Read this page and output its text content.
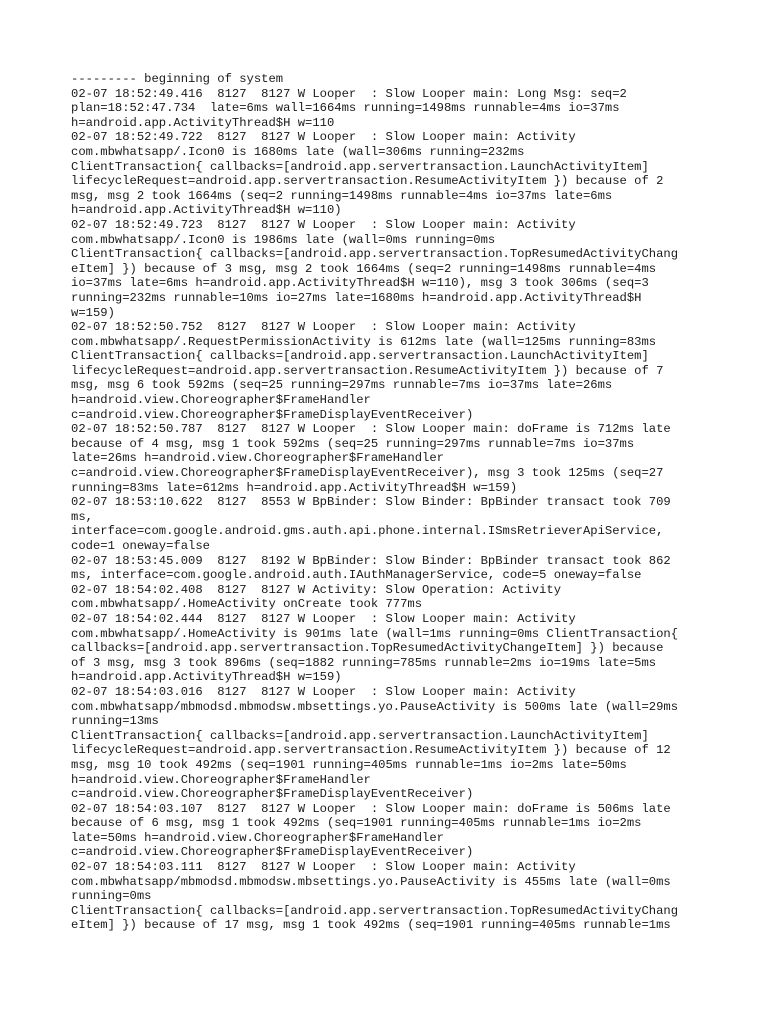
--------- beginning of system
02-07 18:52:49.416  8127  8127 W Looper  : Slow Looper main: Long Msg: seq=2
plan=18:52:47.734  late=6ms wall=1664ms running=1498ms runnable=4ms io=37ms
h=android.app.ActivityThread$H w=110
02-07 18:52:49.722  8127  8127 W Looper  : Slow Looper main: Activity
com.mbwhatsapp/.Icon0 is 1680ms late (wall=306ms running=232ms
ClientTransaction{ callbacks=[android.app.servertransaction.LaunchActivityItem]
lifecycleRequest=android.app.servertransaction.ResumeActivityItem }) because of 2
msg, msg 2 took 1664ms (seq=2 running=1498ms runnable=4ms io=37ms late=6ms
h=android.app.ActivityThread$H w=110)
02-07 18:52:49.723  8127  8127 W Looper  : Slow Looper main: Activity
com.mbwhatsapp/.Icon0 is 1986ms late (wall=0ms running=0ms
ClientTransaction{ callbacks=[android.app.servertransaction.TopResumedActivityChang
eItem] }) because of 3 msg, msg 2 took 1664ms (seq=2 running=1498ms runnable=4ms
io=37ms late=6ms h=android.app.ActivityThread$H w=110), msg 3 took 306ms (seq=3
running=232ms runnable=10ms io=27ms late=1680ms h=android.app.ActivityThread$H
w=159)
02-07 18:52:50.752  8127  8127 W Looper  : Slow Looper main: Activity
com.mbwhatsapp/.RequestPermissionActivity is 612ms late (wall=125ms running=83ms
ClientTransaction{ callbacks=[android.app.servertransaction.LaunchActivityItem]
lifecycleRequest=android.app.servertransaction.ResumeActivityItem }) because of 7
msg, msg 6 took 592ms (seq=25 running=297ms runnable=7ms io=37ms late=26ms
h=android.view.Choreographer$FrameHandler
c=android.view.Choreographer$FrameDisplayEventReceiver)
02-07 18:52:50.787  8127  8127 W Looper  : Slow Looper main: doFrame is 712ms late
because of 4 msg, msg 1 took 592ms (seq=25 running=297ms runnable=7ms io=37ms
late=26ms h=android.view.Choreographer$FrameHandler
c=android.view.Choreographer$FrameDisplayEventReceiver), msg 3 took 125ms (seq=27
running=83ms late=612ms h=android.app.ActivityThread$H w=159)
02-07 18:53:10.622  8127  8553 W BpBinder: Slow Binder: BpBinder transact took 709
ms,
interface=com.google.android.gms.auth.api.phone.internal.ISmsRetrieverApiService,
code=1 oneway=false
02-07 18:53:45.009  8127  8192 W BpBinder: Slow Binder: BpBinder transact took 862
ms, interface=com.google.android.auth.IAuthManagerService, code=5 oneway=false
02-07 18:54:02.408  8127  8127 W Activity: Slow Operation: Activity
com.mbwhatsapp/.HomeActivity onCreate took 777ms
02-07 18:54:02.444  8127  8127 W Looper  : Slow Looper main: Activity
com.mbwhatsapp/.HomeActivity is 901ms late (wall=1ms running=0ms ClientTransaction{
callbacks=[android.app.servertransaction.TopResumedActivityChangeItem] }) because
of 3 msg, msg 3 took 896ms (seq=1882 running=785ms runnable=2ms io=19ms late=5ms
h=android.app.ActivityThread$H w=159)
02-07 18:54:03.016  8127  8127 W Looper  : Slow Looper main: Activity
com.mbwhatsapp/mbmodsd.mbmodsw.mbsettings.yo.PauseActivity is 500ms late (wall=29ms
running=13ms
ClientTransaction{ callbacks=[android.app.servertransaction.LaunchActivityItem]
lifecycleRequest=android.app.servertransaction.ResumeActivityItem }) because of 12
msg, msg 10 took 492ms (seq=1901 running=405ms runnable=1ms io=2ms late=50ms
h=android.view.Choreographer$FrameHandler
c=android.view.Choreographer$FrameDisplayEventReceiver)
02-07 18:54:03.107  8127  8127 W Looper  : Slow Looper main: doFrame is 506ms late
because of 6 msg, msg 1 took 492ms (seq=1901 running=405ms runnable=1ms io=2ms
late=50ms h=android.view.Choreographer$FrameHandler
c=android.view.Choreographer$FrameDisplayEventReceiver)
02-07 18:54:03.111  8127  8127 W Looper  : Slow Looper main: Activity
com.mbwhatsapp/mbmodsd.mbmodsw.mbsettings.yo.PauseActivity is 455ms late (wall=0ms
running=0ms
ClientTransaction{ callbacks=[android.app.servertransaction.TopResumedActivityChang
eItem] }) because of 17 msg, msg 1 took 492ms (seq=1901 running=405ms runnable=1ms
